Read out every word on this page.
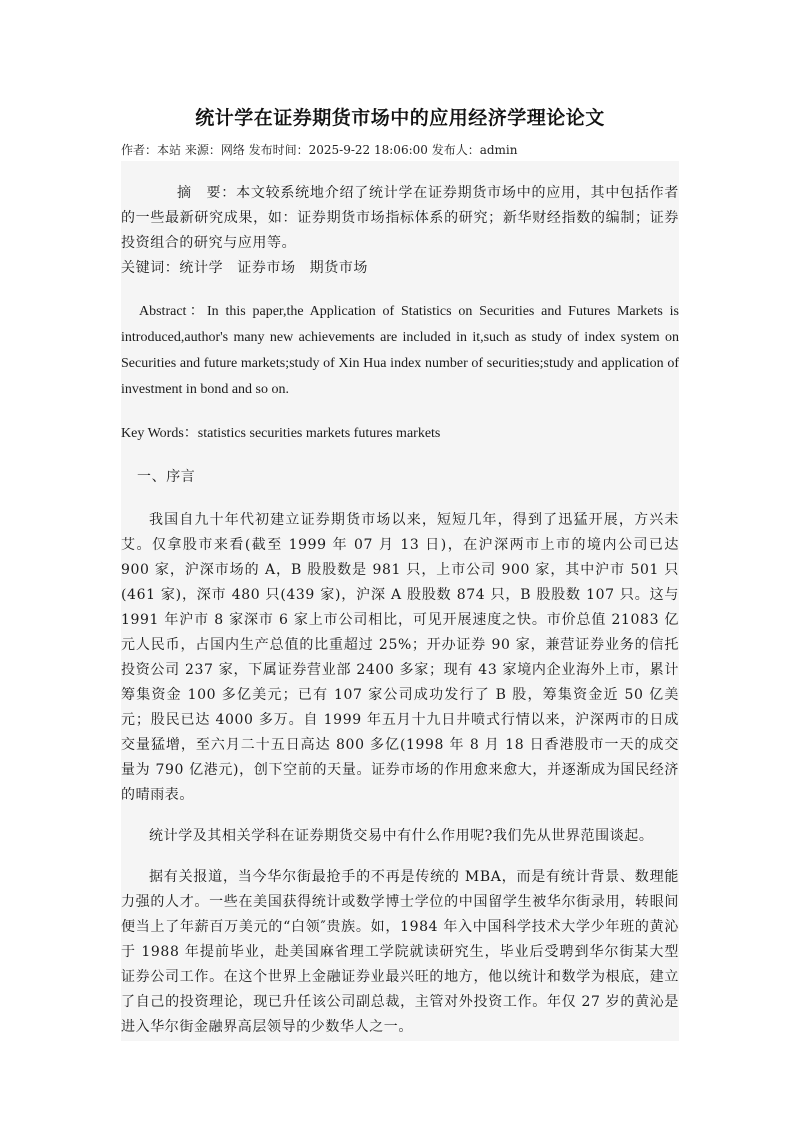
统计学在证券期货市场中的应用经济学理论论文
作者：本站 来源：网络 发布时间：2025-9-22 18:06:00 发布人：admin

摘　要：本文较系统地介绍了统计学在证券期货市场中的应用，其中包括作者的一些最新研究成果，如：证券期货市场指标体系的研究；新华财经指数的编制；证券投资组合的研究与应用等。

关键词：统计学 证券市场 期货市场

Abstract：In this paper,the Application of Statistics on Securities and Futures Markets is introduced,author's many new achievements are included in it,such as study of index system on Securities and future markets;study of Xin Hua index number of securities;study and application of investment in bond and so on.

Key Words：statistics securities markets futures markets

一、序言

我国自九十年代初建立证券期货市场以来，短短几年，得到了迅猛开展，方兴未艾。仅拿股市来看(截至 1999 年 07 月 13 日)，在沪深两市上市的境内公司已达 900 家，沪深市场的 A，B 股股数是 981 只，上市公司 900 家，其中沪市 501 只(461 家)，深市 480 只(439 家)，沪深 A 股股数 874 只，B 股股数 107 只。这与 1991 年沪市 8 家深市 6 家上市公司相比，可见开展速度之快。市价总值 21083 亿元人民币，占国内生产总值的比重超过 25%；开办证券 90 家，兼营证券业务的信托投资公司 237 家，下属证券营业部 2400 多家；现有 43 家境内企业海外上市，累计筹集资金 100 多亿美元；已有 107 家公司成功发行了 B 股，筹集资金近 50 亿美元；股民已达 4000 多万。自 1999 年五月十九日井喷式行情以来，沪深两市的日成交量猛增，至六月二十五日高达 800 多亿(1998 年 8 月 18 日香港股市一天的成交量为 790 亿港元)，创下空前的天量。证券市场的作用愈来愈大，并逐渐成为国民经济的晴雨表。

统计学及其相关学科在证券期货交易中有什么作用呢?我们先从世界范围谈起。

据有关报道，当今华尔街最抢手的不再是传统的 MBA，而是有统计背景、数理能力强的人才。一些在美国获得统计或数学博士学位的中国留学生被华尔街录用，转眼间便当上了年薪百万美元的“白领″贵族。如，1984 年入中国科学技术大学少年班的黄沁于 1988 年提前毕业，赴美国麻省理工学院就读研究生，毕业后受聘到华尔街某大型证券公司工作。在这个世界上金融证券业最兴旺的地方，他以统计和数学为根底，建立了自己的投资理论，现已升任该公司副总裁，主管对外投资工作。年仅 27 岁的黄沁是进入华尔街金融界高层领导的少数华人之一。
